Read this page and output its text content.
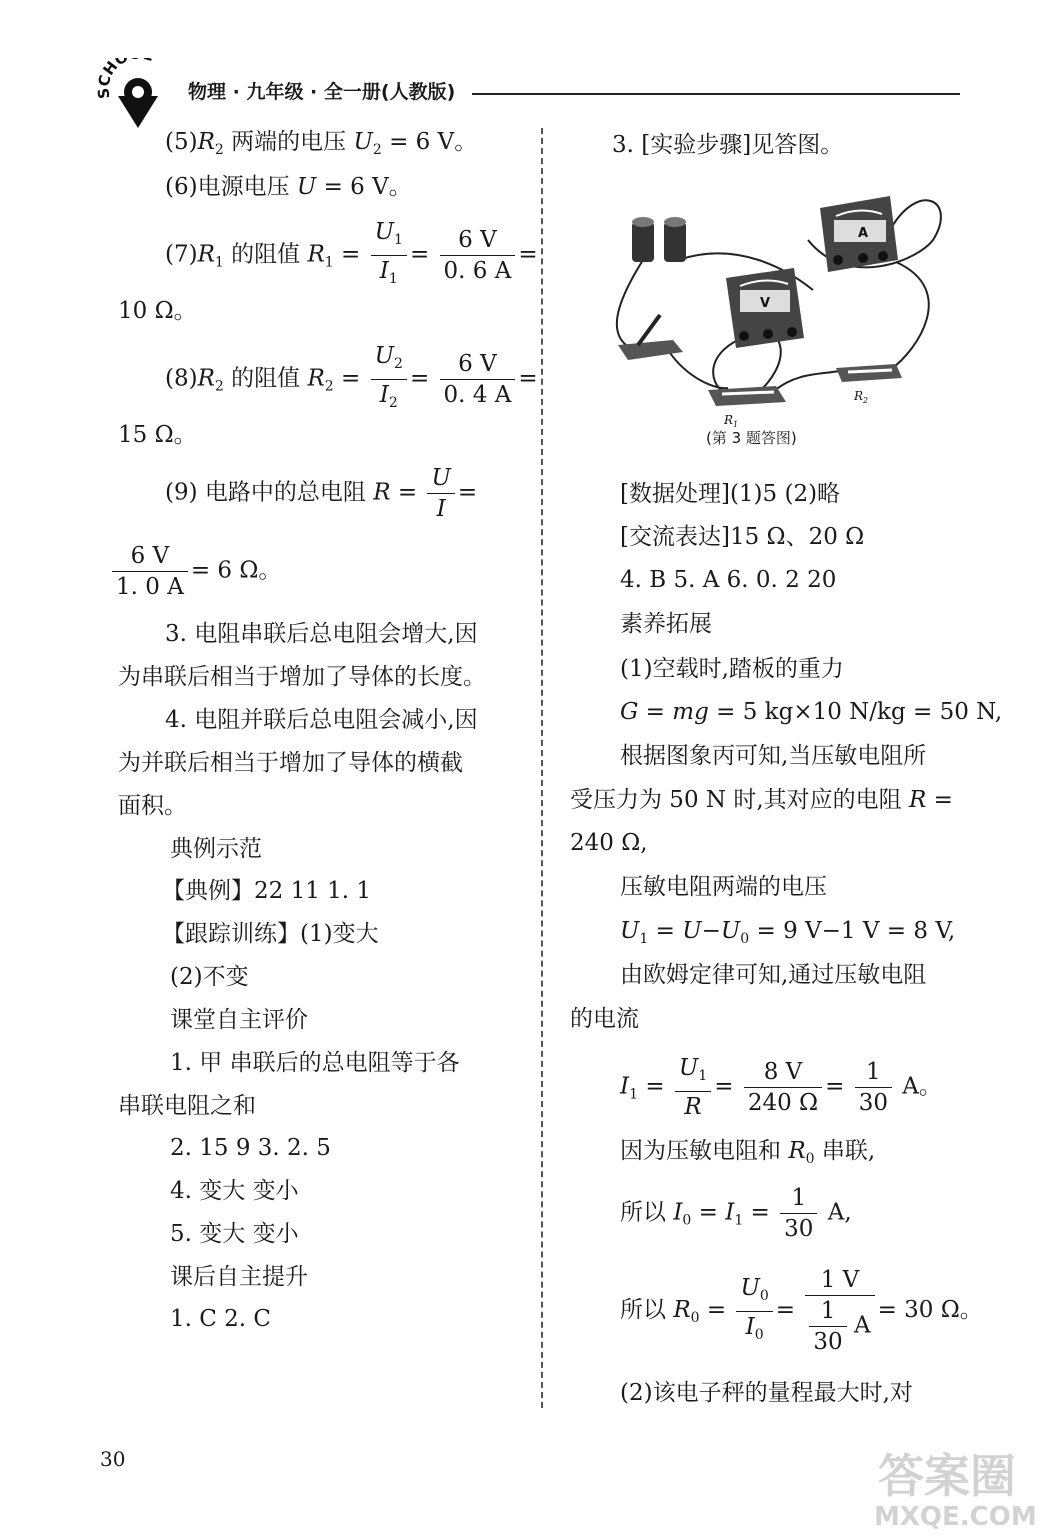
SCHO
物理 · 九年级 · 全一册(人教版)
$(5)R_2$ 两端的电压 $U_2 = 6$ V。
(6)电源电压 U = 6 V。
$(7)R_1$ 的阻值 $R_1 = \frac{U_1}{I_1} = \frac{6 V}{0. 6 A}$ =
10 Ω。
$(8)R_2$ 的阻值 $R_2 = \frac{U_2}{I_2} = \frac{6 V}{0. 4 A}$ =
15 Ω。
(9) 电路中的总电阻 $R = \frac{U}{I}$ =
$\frac{6 V}{1. 0 A} = 6$ Ω。
3. 电阻串联后总电阻会增大,因
为串联后相当于增加了导体的长度。
4. 电阻并联后总电阻会减小,因
为并联后相当于增加了导体的横截
面积。
典例示范
【典例】22 11 1. 1
【跟踪训练】(1)变大
(2)不变
课堂自主评价
1. 甲 串联后的总电阻等于各
串联电阻之和
2. 15 9 3. 2. 5
4. 变大 变小
5. 变大 变小
课后自主提升
1. C 2. C
3. [实验步骤]见答图。
A
V
$R_1$
$R_2$
(第 3 题答图)
[数据处理](1)5 (2)略
[交流表达]15 Ω、20 Ω
4. B 5. A 6. 0. 2 20
素养拓展
(1)空载时,踏板的重力
G = mg = 5 kg×10 N/kg = 50 N,
根据图象丙可知,当压敏电阻所
受压力为 50 N 时,其对应的电阻 R =
240 Ω,
压敏电阻两端的电压
$U_1 = U-U_0 = 9$ V−1 V = 8 V,
由欧姆定律可知,通过压敏电阻
的电流
$I_1 = \frac{U_1}{R} = \frac{8 V}{240 \Omega} = \frac{1}{30}$ A。
因为压敏电阻和 $R_0$ 串联,
所以 $I_0 = I_1 = \frac{1}{30} A$,
所以 $R_0 = \frac{U_0}{I_0} = \frac{1 V}{\frac{1}{30} A} = 30$ Ω。
(2)该电子秤的量程最大时,对
30	答案圈
MXQE.COM
